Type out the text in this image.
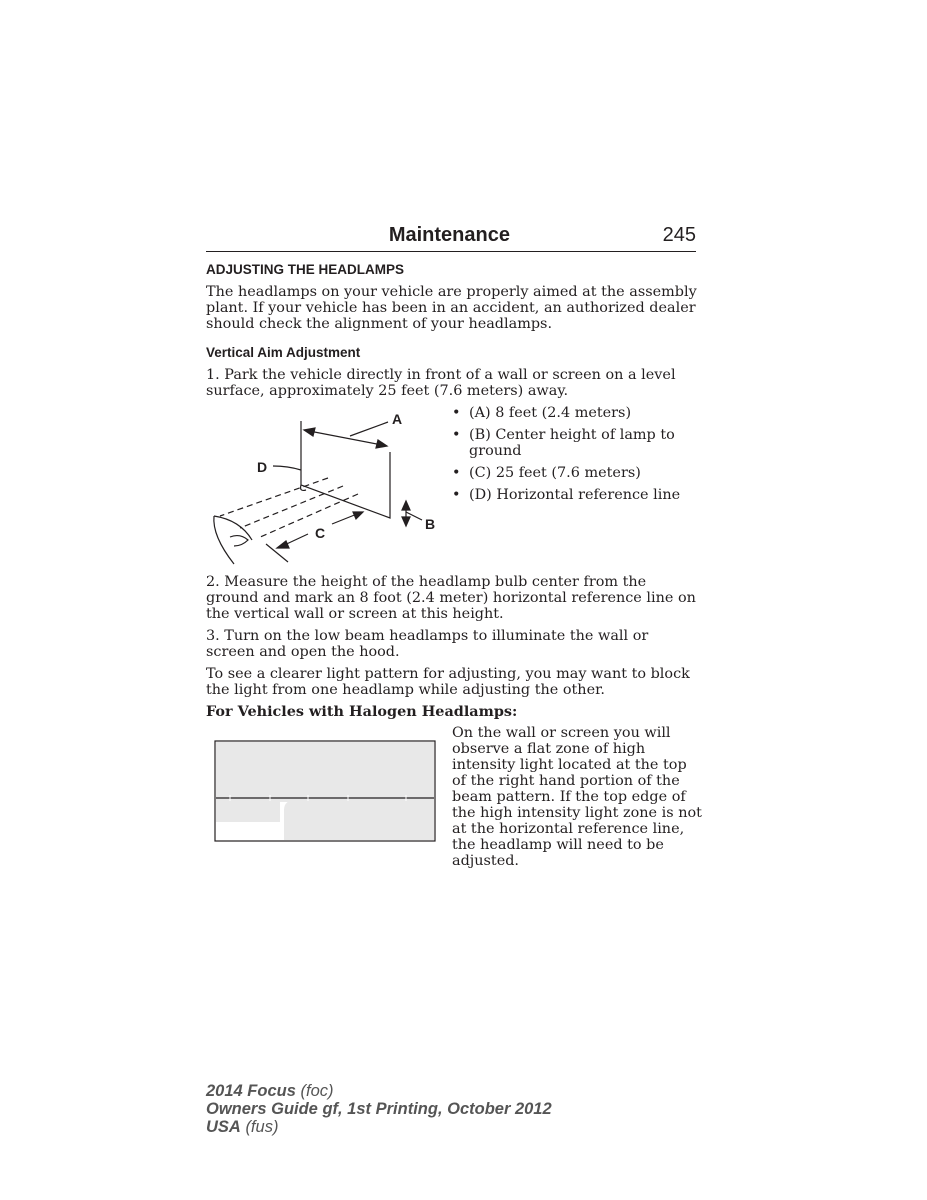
Maintenance	245
ADJUSTING THE HEADLAMPS

The headlamps on your vehicle are properly aimed at the assembly plant. If your vehicle has been in an accident, an authorized dealer should check the alignment of your headlamps.

Vertical Aim Adjustment

1. Park the vehicle directly in front of a wall or screen on a level surface, approximately 25 feet (7.6 meters) away.

A
D
B
C
• (A) 8 feet (2.4 meters)
• (B) Center height of lamp to ground
• (C) 25 feet (7.6 meters)
• (D) Horizontal reference line

2. Measure the height of the headlamp bulb center from the ground and mark an 8 foot (2.4 meter) horizontal reference line on the vertical wall or screen at this height.

3. Turn on the low beam headlamps to illuminate the wall or screen and open the hood.

To see a clearer light pattern for adjusting, you may want to block the light from one headlamp while adjusting the other.

For Vehicles with Halogen Headlamps:

On the wall or screen you will observe a flat zone of high intensity light located at the top of the right hand portion of the beam pattern. If the top edge of the high intensity light zone is not at the horizontal reference line, the headlamp will need to be adjusted.

2014 Focus (foc)
Owners Guide gf, 1st Printing, October 2012
USA (fus)
